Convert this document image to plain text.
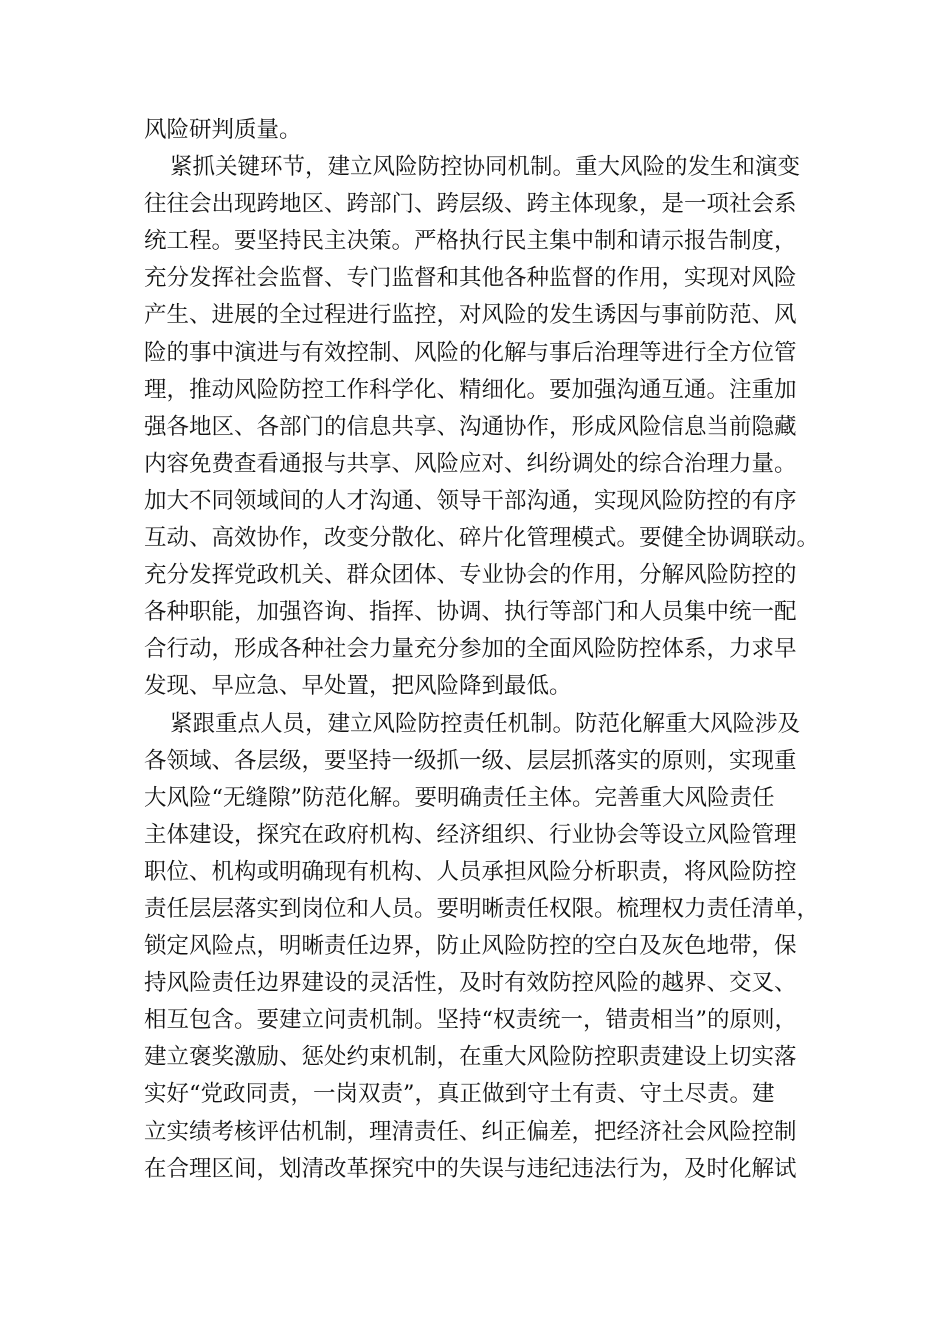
风险研判质量。
紧抓关键环节，建立风险防控协同机制。重大风险的发生和演变
往往会出现跨地区、跨部门、跨层级、跨主体现象，是一项社会系
统工程。要坚持民主决策。严格执行民主集中制和请示报告制度，
充分发挥社会监督、专门监督和其他各种监督的作用，实现对风险
产生、进展的全过程进行监控，对风险的发生诱因与事前防范、风
险的事中演进与有效控制、风险的化解与事后治理等进行全方位管
理，推动风险防控工作科学化、精细化。要加强沟通互通。注重加
强各地区、各部门的信息共享、沟通协作，形成风险信息当前隐藏
内容免费查看通报与共享、风险应对、纠纷调处的综合治理力量。
加大不同领域间的人才沟通、领导干部沟通，实现风险防控的有序
互动、高效协作，改变分散化、碎片化管理模式。要健全协调联动。
充分发挥党政机关、群众团体、专业协会的作用，分解风险防控的
各种职能，加强咨询、指挥、协调、执行等部门和人员集中统一配
合行动，形成各种社会力量充分参加的全面风险防控体系，力求早
发现、早应急、早处置，把风险降到最低。
紧跟重点人员，建立风险防控责任机制。防范化解重大风险涉及
各领域、各层级，要坚持一级抓一级、层层抓落实的原则，实现重
大风险“无缝隙”防范化解。要明确责任主体。完善重大风险责任
主体建设，探究在政府机构、经济组织、行业协会等设立风险管理
职位、机构或明确现有机构、人员承担风险分析职责，将风险防控
责任层层落实到岗位和人员。要明晰责任权限。梳理权力责任清单，
锁定风险点，明晰责任边界，防止风险防控的空白及灰色地带，保
持风险责任边界建设的灵活性，及时有效防控风险的越界、交叉、
相互包含。要建立问责机制。坚持“权责统一，错责相当”的原则，
建立褒奖激励、惩处约束机制，在重大风险防控职责建设上切实落
实好“党政同责，一岗双责”，真正做到守土有责、守土尽责。建
立实绩考核评估机制，理清责任、纠正偏差，把经济社会风险控制
在合理区间，划清改革探究中的失误与违纪违法行为，及时化解试
